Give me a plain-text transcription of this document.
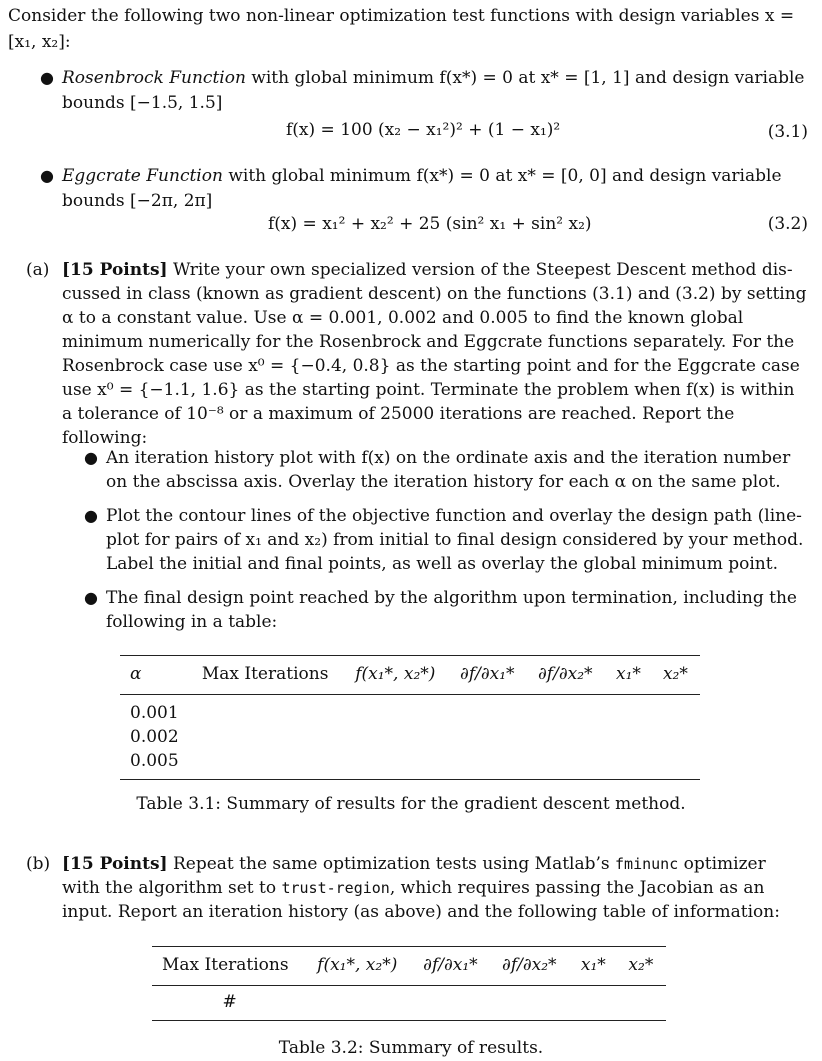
Consider the following two non-linear optimization test functions with design variables x =

[x₁, x₂]:

● Rosenbrock Function with global minimum f(x*) = 0 at x* = [1, 1] and design variable

bounds [−1.5, 1.5]

f(x) = 100 (x₂ − x₁²)² + (1 − x₁)²	(3.1)
● Eggcrate Function with global minimum f(x*) = 0 at x* = [0, 0] and design variable

bounds [−2π, 2π]

f(x) = x₁² + x₂² + 25 (sin² x₁ + sin² x₂)	(3.2)
(a) [15 Points] Write your own specialized version of the Steepest Descent method dis-

cussed in class (known as gradient descent) on the functions (3.1) and (3.2) by setting

α to a constant value. Use α = 0.001, 0.002 and 0.005 to find the known global

minimum numerically for the Rosenbrock and Eggcrate functions separately. For the

Rosenbrock case use x⁰ = {−0.4, 0.8} as the starting point and for the Eggcrate case

use x⁰ = {−1.1, 1.6} as the starting point. Terminate the problem when f(x) is within

a tolerance of 10⁻⁸ or a maximum of 25000 iterations are reached. Report the following:

● An iteration history plot with f(x) on the ordinate axis and the iteration number

on the abscissa axis. Overlay the iteration history for each α on the same plot.

● Plot the contour lines of the objective function and overlay the design path (line-

plot for pairs of x₁ and x₂) from initial to final design considered by your method.

Label the initial and final points, as well as overlay the global minimum point.

● The final design point reached by the algorithm upon termination, including the

following in a table:

α	Max Iterations	f(x₁*, x₂*)	∂f/∂x₁*	∂f/∂x₂*	x₁*	x₂*
0.001						
0.002						
0.005						

Table 3.1: Summary of results for the gradient descent method.

(b) [15 Points] Repeat the same optimization tests using Matlab’s fminunc optimizer

with the algorithm set to trust-region, which requires passing the Jacobian as an

input. Report an iteration history (as above) and the following table of information:

Max Iterations	f(x₁*, x₂*)	∂f/∂x₁*	∂f/∂x₂*	x₁*	x₂*
#					

Table 3.2: Summary of results.
